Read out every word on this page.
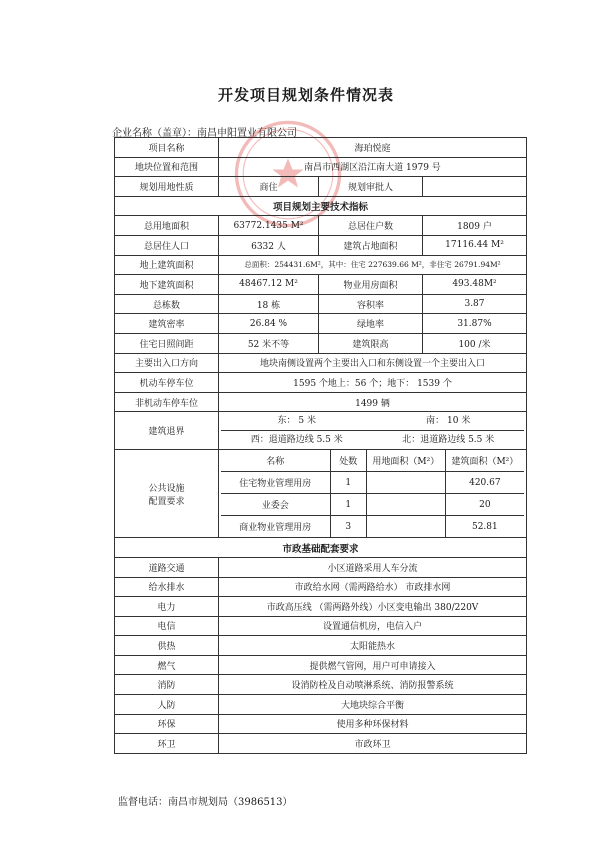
开发项目规划条件情况表
企业名称（盖章）：南昌申阳置业有限公司
项目名称	海珀悦庭
地块位置和范围	南昌市西湖区沿江南大道 1979 号
规划用地性质	商住	规划审批人	
项目规划主要技术指标
总用地面积	63772.1435 M²	总居住户数	1809 户
总居住人口	6332 人	建筑占地面积	17116.44 M²
地上建筑面积	总面积：254431.6M²，其中：住宅 227639.66 M²，非住宅 26791.94M²
地下建筑面积	48467.12 M²	物业用房面积	493.48M²
总栋数	18 栋	容积率	3.87
建筑密率	26.84 %	绿地率	31.87%
住宅日照间距	52 米不等	建筑限高	100 /米
主要出入口方向	地块南侧设置两个主要出入口和东侧设置一个主要出入口
机动车停车位	1595 个地上：56 个；地下： 1539 个
非机动车停车位	1499 辆
建筑退界	
东： 5 米	南： 10 米
西：退道路边线 5.5 米	北：退道路边线 5.5 米

公共设施
配置要求

名称	处数	用地面积（M²）	建筑面积（M²）
住宅物业管理用房	1		420.67
业委会	1		20
商业物业管理用房	3		52.81

市政基础配套要求
道路交通	小区道路采用人车分流
给水排水	市政给水网（需两路给水） 市政排水网
电力	市政高压线 （需两路外线）小区变电输出 380/220V
电信	设置通信机房，电信入户
供热	太阳能热水
燃气	提供燃气管网，用户可申请接入
消防	设消防栓及自动喷淋系统、消防报警系统
人防	大地块综合平衡
环保	使用多种环保材料
环卫	市政环卫
监督电话：南昌市规划局（3986513）
